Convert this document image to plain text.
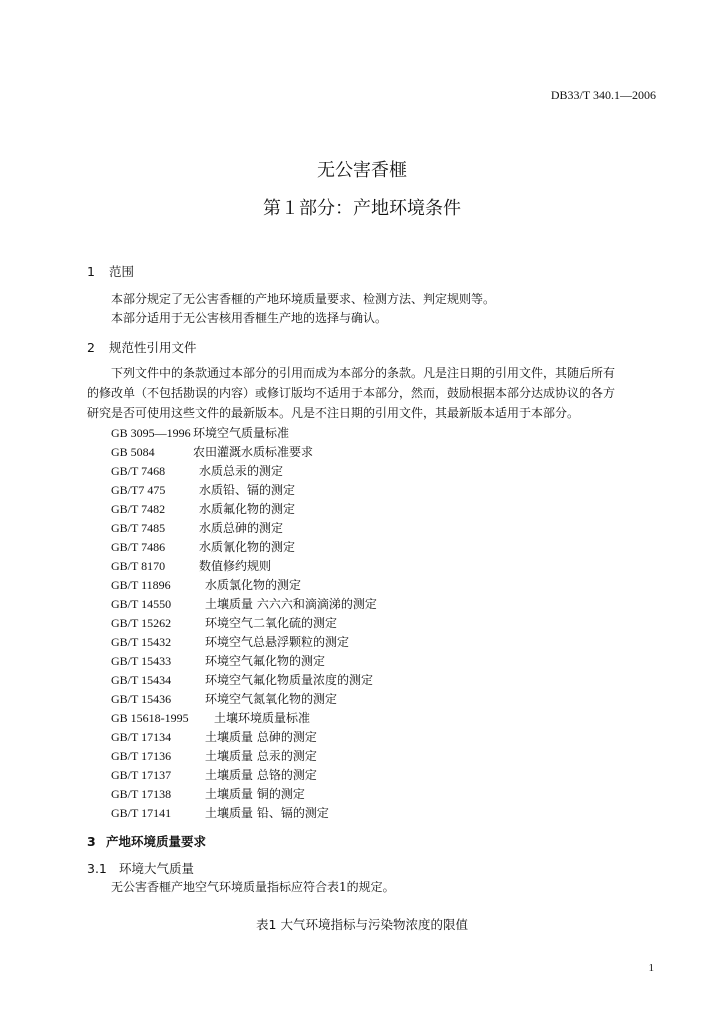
DB33/T 340.1—2006
无公害香榧
第１部分：产地环境条件
1 范围
本部分规定了无公害香榧的产地环境质量要求、检测方法、判定规则等。
本部分适用于无公害核用香榧生产地的选择与确认。
2 规范性引用文件
下列文件中的条款通过本部分的引用而成为本部分的条款。凡是注日期的引用文件，其随后所有
的修改单（不包括勘误的内容）或修订版均不适用于本部分，然而，鼓励根据本部分达成协议的各方
研究是否可使用这些文件的最新版本。凡是不注日期的引用文件，其最新版本适用于本部分。
GB 3095—1996 环境空气质量标准
GB 5084	农田灌溉水质标准要求
GB/T 7468	水质总汞的测定
GB/T7 475	水质铅、镉的测定
GB/T 7482	水质氟化物的测定
GB/T 7485	水质总砷的测定
GB/T 7486	水质氰化物的测定
GB/T 8170	数值修约规则
GB/T 11896	水质氯化物的测定
GB/T 14550	土壤质量 六六六和滴滴涕的测定
GB/T 15262	环境空气二氧化硫的测定
GB/T 15432	环境空气总悬浮颗粒的测定
GB/T 15433	环境空气氟化物的测定
GB/T 15434	环境空气氟化物质量浓度的测定
GB/T 15436	环境空气氮氧化物的测定
GB 15618-1995 土壤环境质量标准
GB/T 17134	土壤质量 总砷的测定
GB/T 17136	土壤质量 总汞的测定
GB/T 17137	土壤质量 总铬的测定
GB/T 17138	土壤质量 铜的测定
GB/T 17141	土壤质量 铅、镉的测定
3 产地环境质量要求
3.1 环境大气质量
无公害香榧产地空气环境质量指标应符合表1的规定。
表1 大气环境指标与污染物浓度的限值
1
